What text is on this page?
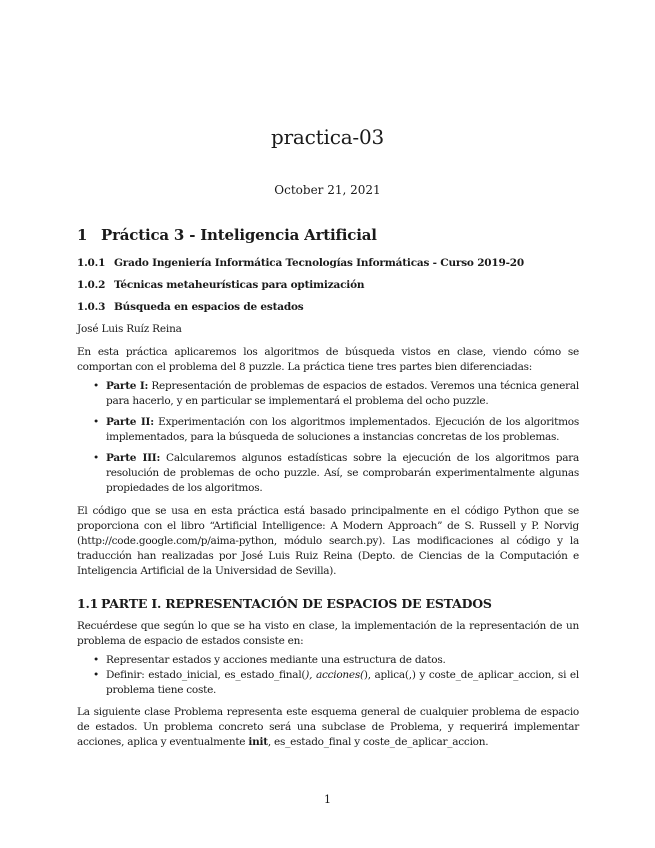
practica-03
October 21, 2021
1 Práctica 3 - Inteligencia Artificial
1.0.1 Grado Ingeniería Informática Tecnologías Informáticas - Curso 2019-20
1.0.2 Técnicas metaheurísticas para optimización
1.0.3 Búsqueda en espacios de estados
José Luis Ruíz Reina
En esta práctica aplicaremos los algoritmos de búsqueda vistos en clase, viendo cómo se comportan con el problema del 8 puzzle. La práctica tiene tres partes bien diferenciadas:
• Parte I: Representación de problemas de espacios de estados. Veremos una técnica general para hacerlo, y en particular se implementará el problema del ocho puzzle.
• Parte II: Experimentación con los algoritmos implementados. Ejecución de los algoritmos implementados, para la búsqueda de soluciones a instancias concretas de los problemas.
• Parte III: Calcularemos algunos estadísticas sobre la ejecución de los algoritmos para resolución de problemas de ocho puzzle. Así, se comprobarán experimentalmente algunas propiedades de los algoritmos.
El código que se usa en esta práctica está basado principalmente en el código Python que se proporciona con el libro “Artificial Intelligence: A Modern Approach” de S. Russell y P. Norvig (http://code.google.com/p/aima-python, módulo search.py). Las modificaciones al código y la traducción han realizadas por José Luis Ruiz Reina (Depto. de Ciencias de la Computación e Inteligencia Artificial de la Universidad de Sevilla).
1.1 PARTE I. REPRESENTACIÓN DE ESPACIOS DE ESTADOS
Recuérdese que según lo que se ha visto en clase, la implementación de la representación de un problema de espacio de estados consiste en:
• Representar estados y acciones mediante una estructura de datos.
• Definir: estado_inicial, es_estado_final(), acciones(), aplica(,) y coste_de_aplicar_accion, si el problema tiene coste.
La siguiente clase Problema representa este esquema general de cualquier problema de espacio de estados. Un problema concreto será una subclase de Problema, y requerirá implementar acciones, aplica y eventualmente init, es_estado_final y coste_de_aplicar_accion.
1
